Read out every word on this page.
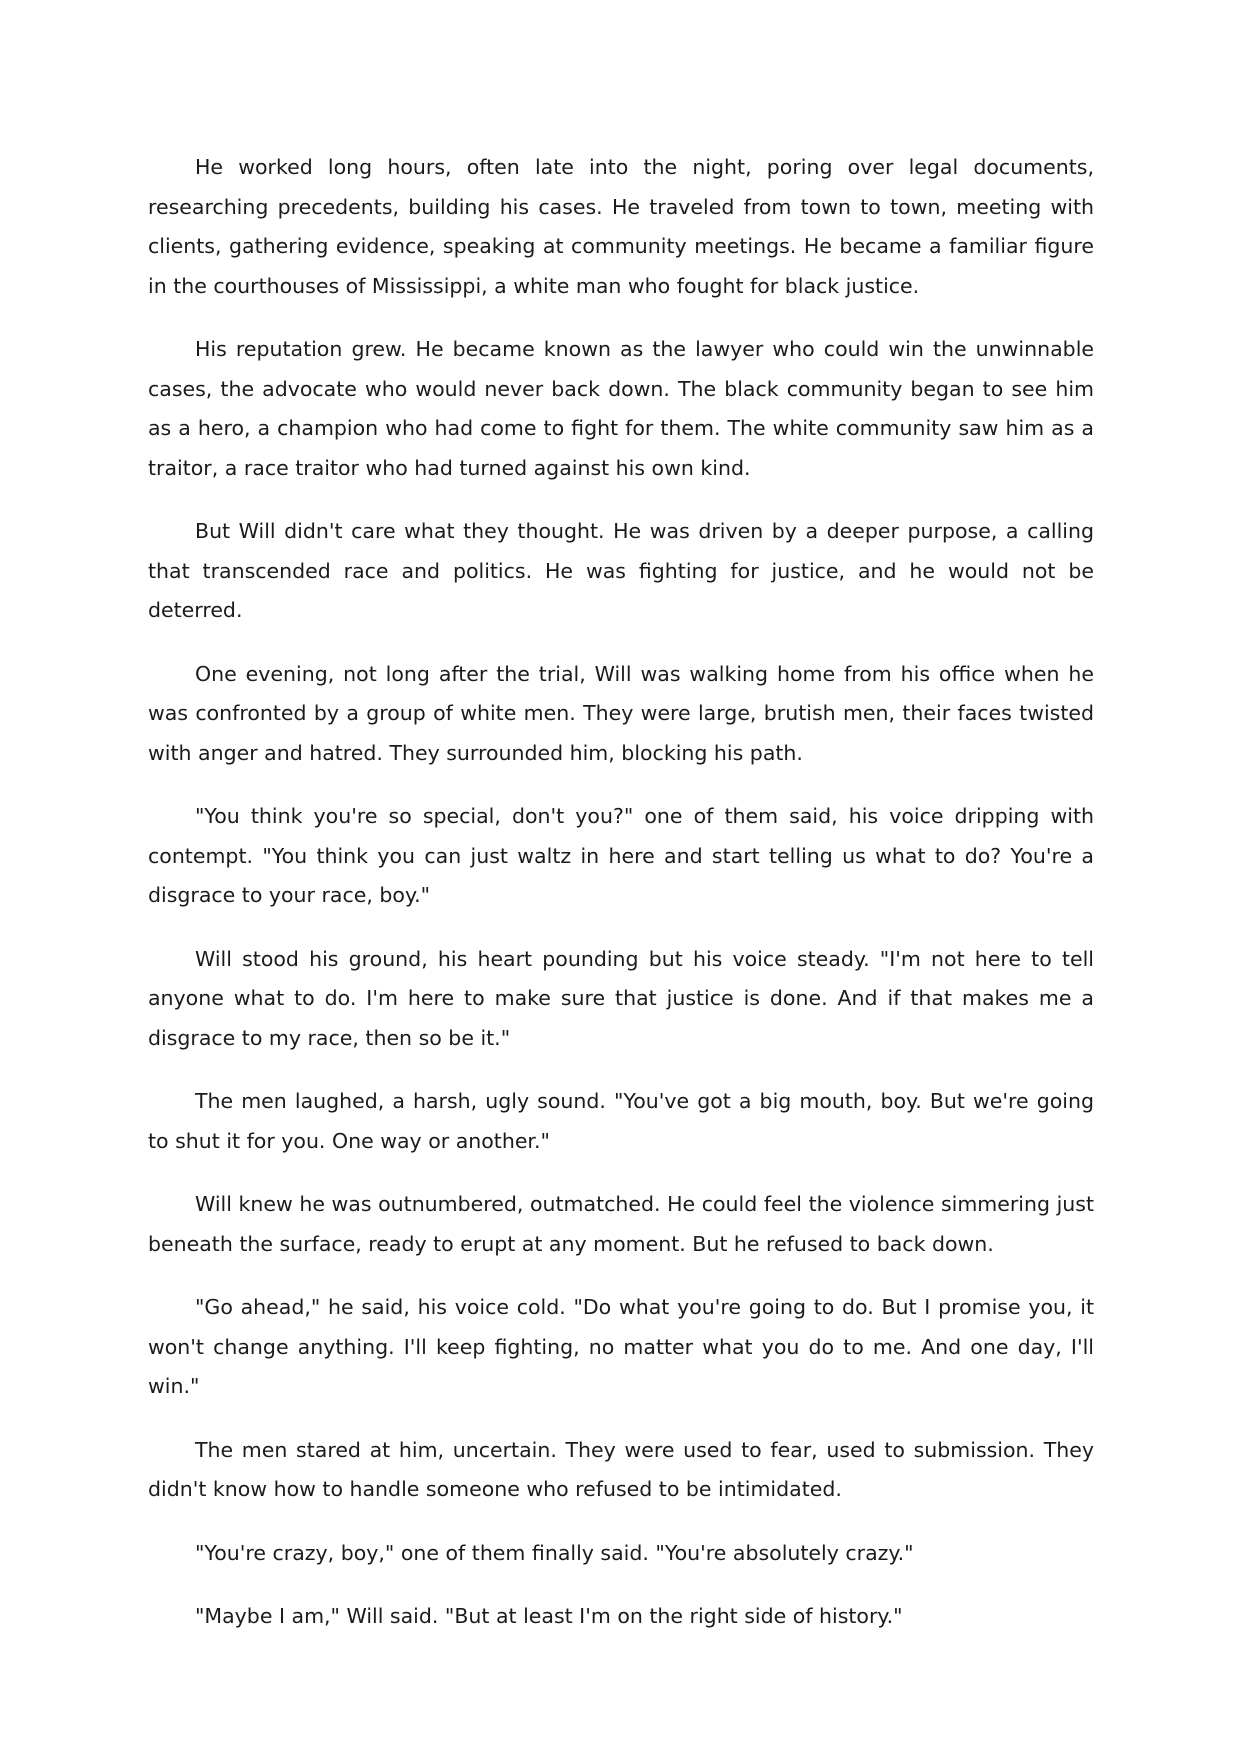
He worked long hours, often late into the night, poring over legal documents, researching precedents, building his cases. He traveled from town to town, meeting with clients, gathering evidence, speaking at community meetings. He became a familiar figure in the courthouses of Mississippi, a white man who fought for black justice.

His reputation grew. He became known as the lawyer who could win the unwinnable cases, the advocate who would never back down. The black community began to see him as a hero, a champion who had come to fight for them. The white community saw him as a traitor, a race traitor who had turned against his own kind.

But Will didn't care what they thought. He was driven by a deeper purpose, a calling that transcended race and politics. He was fighting for justice, and he would not be deterred.

One evening, not long after the trial, Will was walking home from his office when he was confronted by a group of white men. They were large, brutish men, their faces twisted with anger and hatred. They surrounded him, blocking his path.

"You think you're so special, don't you?" one of them said, his voice dripping with contempt. "You think you can just waltz in here and start telling us what to do? You're a disgrace to your race, boy."

Will stood his ground, his heart pounding but his voice steady. "I'm not here to tell anyone what to do. I'm here to make sure that justice is done. And if that makes me a disgrace to my race, then so be it."

The men laughed, a harsh, ugly sound. "You've got a big mouth, boy. But we're going to shut it for you. One way or another."

Will knew he was outnumbered, outmatched. He could feel the violence simmering just beneath the surface, ready to erupt at any moment. But he refused to back down.

"Go ahead," he said, his voice cold. "Do what you're going to do. But I promise you, it won't change anything. I'll keep fighting, no matter what you do to me. And one day, I'll win."

The men stared at him, uncertain. They were used to fear, used to submission. They didn't know how to handle someone who refused to be intimidated.

"You're crazy, boy," one of them finally said. "You're absolutely crazy."

"Maybe I am," Will said. "But at least I'm on the right side of history."
